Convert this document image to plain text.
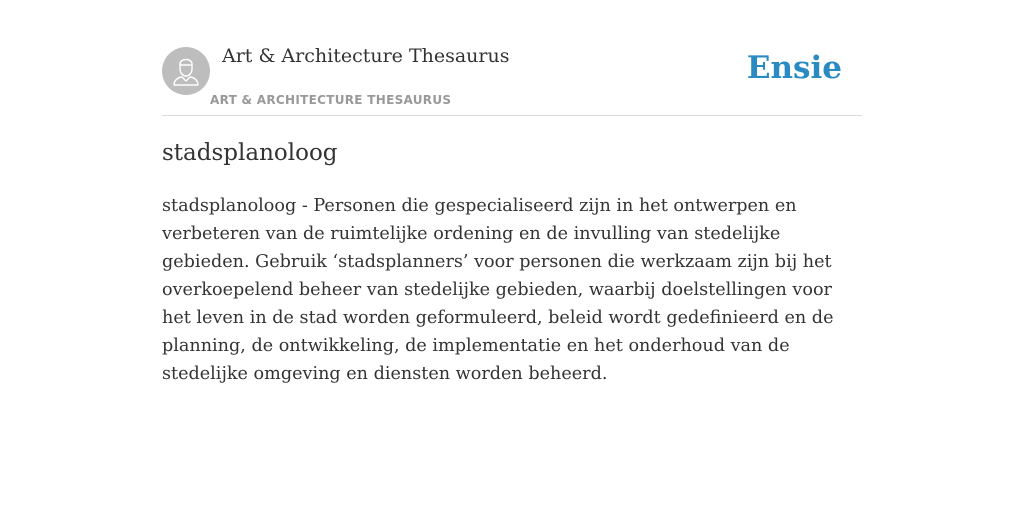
Art & Architecture Thesaurus
ART & ARCHITECTURE THESAURUS
Ensie
stadsplanoloog

stadsplanoloog - Personen die gespecialiseerd zijn in het ontwerpen en verbeteren van de ruimtelijke ordening en de invulling van stedelijke gebieden. Gebruik ‘stadsplanners’ voor personen die werkzaam zijn bij het overkoepelend beheer van stedelijke gebieden, waarbij doelstellingen voor het leven in de stad worden geformuleerd, beleid wordt gedefinieerd en de planning, de ontwikkeling, de implementatie en het onderhoud van de stedelijke omgeving en diensten worden beheerd.
